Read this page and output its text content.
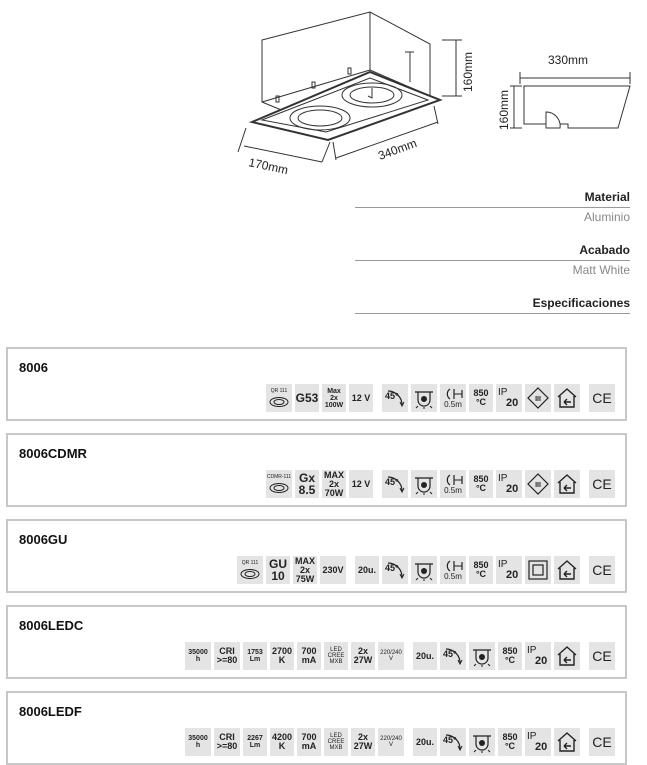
160mm
170mm
340mm
330mm
160mm
Material
Aluminio
Acabado
Matt White
Especificaciones
8006
QR 111
G53 Max
2x
100W
12 V 45°
0.5m
850
°C
IP
20 III	CE
8006CDMR
CDMR-111 Gx
8.5
MAX
2x
70W
12 V 45°
0.5m
850
°C
IP
20 III	CE
8006GU
QR 111 GU
10
MAX
2x
75W
230V 20u. 45°
0.5m
850
°C
IP
20	CE
8006LEDC
35000
h
CRI
>=80
1753
Lm
2700
K
700
mA
LED
CREE
MXB
2x
27W
220/240
V	20u. 45°	850
°C
IP
20	CE
8006LEDF
35000
h
CRI
>=80
2267
Lm
4200
K
700
mA
LED
CREE
MXB
2x
27W
220/240
V	20u. 45°	850
°C
IP
20	CE
